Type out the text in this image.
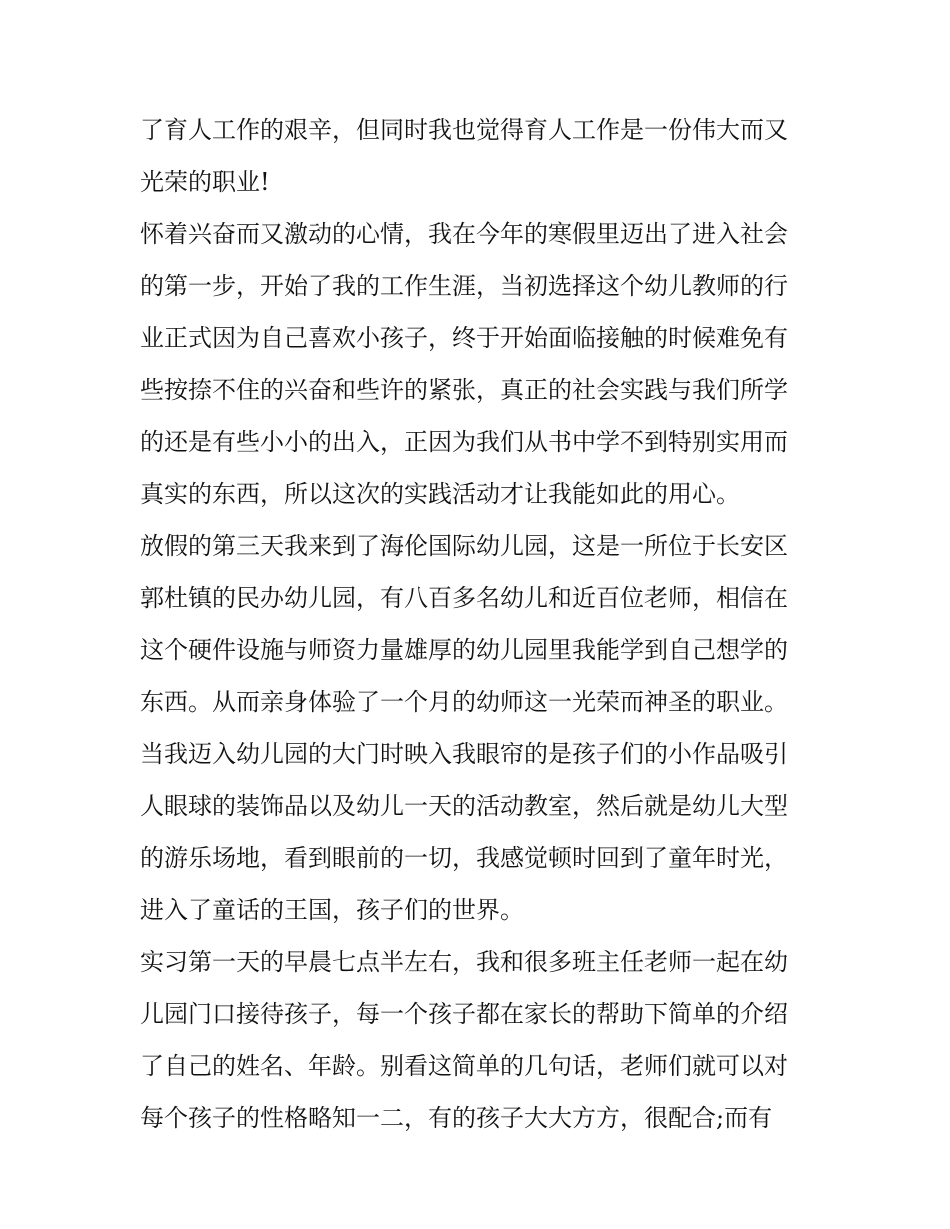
了育人工作的艰辛，但同时我也觉得育人工作是一份伟大而又
光荣的职业!
怀着兴奋而又激动的心情，我在今年的寒假里迈出了进入社会
的第一步，开始了我的工作生涯，当初选择这个幼儿教师的行
业正式因为自己喜欢小孩子，终于开始面临接触的时候难免有
些按捺不住的兴奋和些许的紧张，真正的社会实践与我们所学
的还是有些小小的出入，正因为我们从书中学不到特别实用而
真实的东西，所以这次的实践活动才让我能如此的用心。
放假的第三天我来到了海伦国际幼儿园，这是一所位于长安区
郭杜镇的民办幼儿园，有八百多名幼儿和近百位老师，相信在
这个硬件设施与师资力量雄厚的幼儿园里我能学到自己想学的
东西。从而亲身体验了一个月的幼师这一光荣而神圣的职业。
当我迈入幼儿园的大门时映入我眼帘的是孩子们的小作品吸引
人眼球的装饰品以及幼儿一天的活动教室，然后就是幼儿大型
的游乐场地，看到眼前的一切，我感觉顿时回到了童年时光，
进入了童话的王国，孩子们的世界。
实习第一天的早晨七点半左右，我和很多班主任老师一起在幼
儿园门口接待孩子，每一个孩子都在家长的帮助下简单的介绍
了自己的姓名、年龄。别看这简单的几句话，老师们就可以对
每个孩子的性格略知一二，有的孩子大大方方，很配合;而有
